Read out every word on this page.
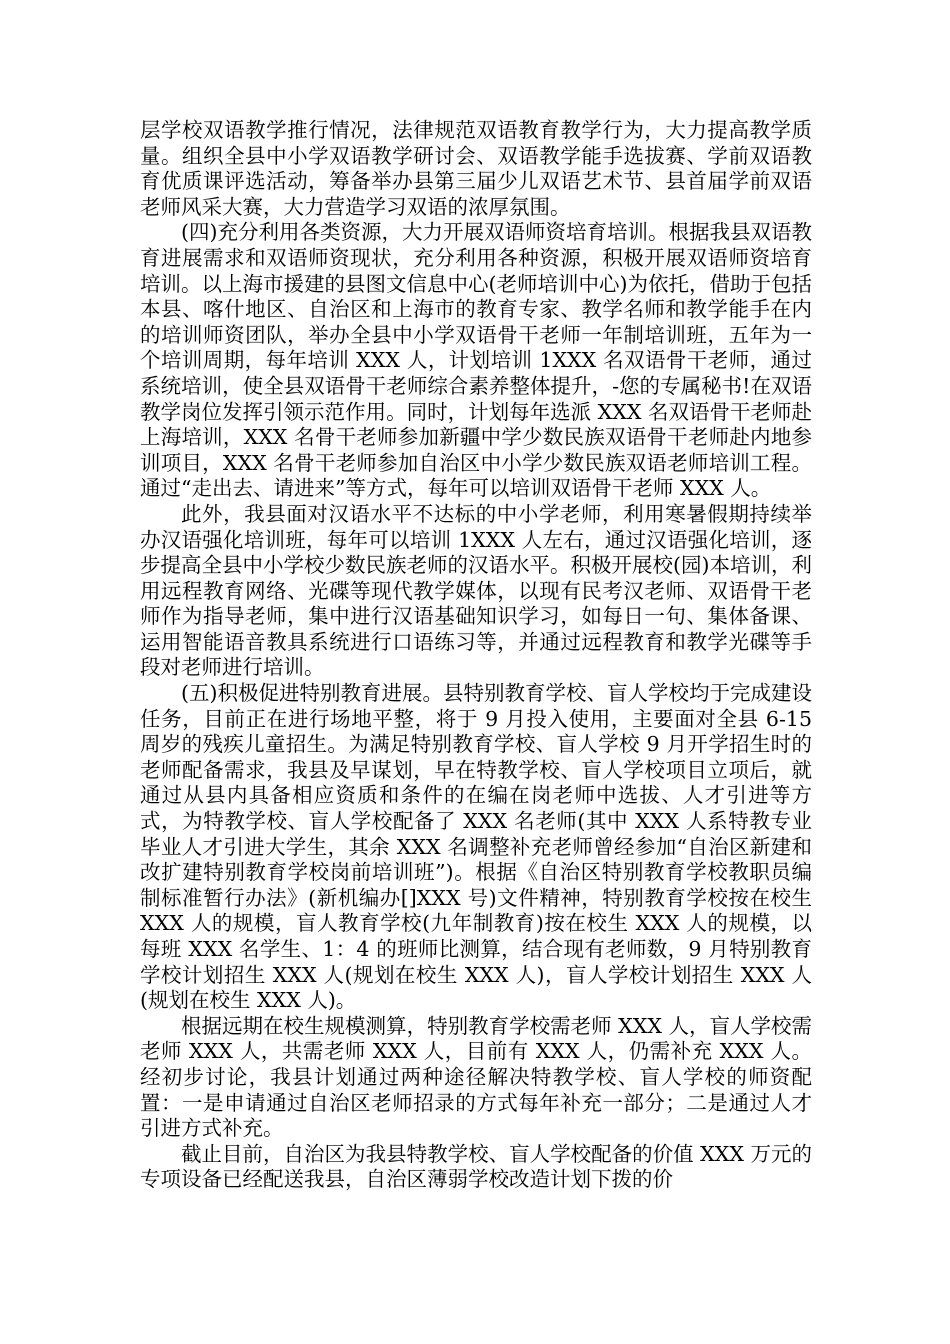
层学校双语教学推行情况，法律规范双语教育教学行为，大力提高教学质量。组织全县中小学双语教学研讨会、双语教学能手选拔赛、学前双语教育优质课评选活动，筹备举办县第三届少儿双语艺术节、县首届学前双语老师风采大赛，大力营造学习双语的浓厚氛围。

(四)充分利用各类资源，大力开展双语师资培育培训。根据我县双语教育进展需求和双语师资现状，充分利用各种资源，积极开展双语师资培育培训。以上海市援建的县图文信息中心(老师培训中心)为依托，借助于包括本县、喀什地区、自治区和上海市的教育专家、教学名师和教学能手在内的培训师资团队，举办全县中小学双语骨干老师一年制培训班，五年为一个培训周期，每年培训 XXX 人，计划培训 1XXX 名双语骨干老师，通过系统培训，使全县双语骨干老师综合素养整体提升，-您的专属秘书!在双语教学岗位发挥引领示范作用。同时，计划每年选派 XXX 名双语骨干老师赴上海培训，XXX 名骨干老师参加新疆中学少数民族双语骨干老师赴内地参训项目，XXX 名骨干老师参加自治区中小学少数民族双语老师培训工程。通过“走出去、请进来”等方式，每年可以培训双语骨干老师 XXX 人。

此外，我县面对汉语水平不达标的中小学老师，利用寒暑假期持续举办汉语强化培训班，每年可以培训 1XXX 人左右，通过汉语强化培训，逐步提高全县中小学校少数民族老师的汉语水平。积极开展校(园)本培训，利用远程教育网络、光碟等现代教学媒体，以现有民考汉老师、双语骨干老师作为指导老师，集中进行汉语基础知识学习，如每日一句、集体备课、运用智能语音教具系统进行口语练习等，并通过远程教育和教学光碟等手段对老师进行培训。

(五)积极促进特别教育进展。县特别教育学校、盲人学校均于完成建设任务，目前正在进行场地平整，将于 9 月投入使用，主要面对全县 6-15 周岁的残疾儿童招生。为满足特别教育学校、盲人学校 9 月开学招生时的老师配备需求，我县及早谋划，早在特教学校、盲人学校项目立项后，就通过从县内具备相应资质和条件的在编在岗老师中选拔、人才引进等方式，为特教学校、盲人学校配备了 XXX 名老师(其中 XXX 人系特教专业毕业人才引进大学生，其余 XXX 名调整补充老师曾经参加“自治区新建和改扩建特别教育学校岗前培训班”)。根据《自治区特别教育学校教职员编制标准暂行办法》(新机编办[]XXX 号)文件精神，特别教育学校按在校生 XXX 人的规模，盲人教育学校(九年制教育)按在校生 XXX 人的规模，以每班 XXX 名学生、1：4 的班师比测算，结合现有老师数，9 月特别教育学校计划招生 XXX 人(规划在校生 XXX 人)，盲人学校计划招生 XXX 人(规划在校生 XXX 人)。

根据远期在校生规模测算，特别教育学校需老师 XXX 人，盲人学校需老师 XXX 人，共需老师 XXX 人，目前有 XXX 人，仍需补充 XXX 人。经初步讨论，我县计划通过两种途径解决特教学校、盲人学校的师资配置：一是申请通过自治区老师招录的方式每年补充一部分；二是通过人才引进方式补充。

截止目前，自治区为我县特教学校、盲人学校配备的价值 XXX 万元的专项设备已经配送我县，自治区薄弱学校改造计划下拨的价
